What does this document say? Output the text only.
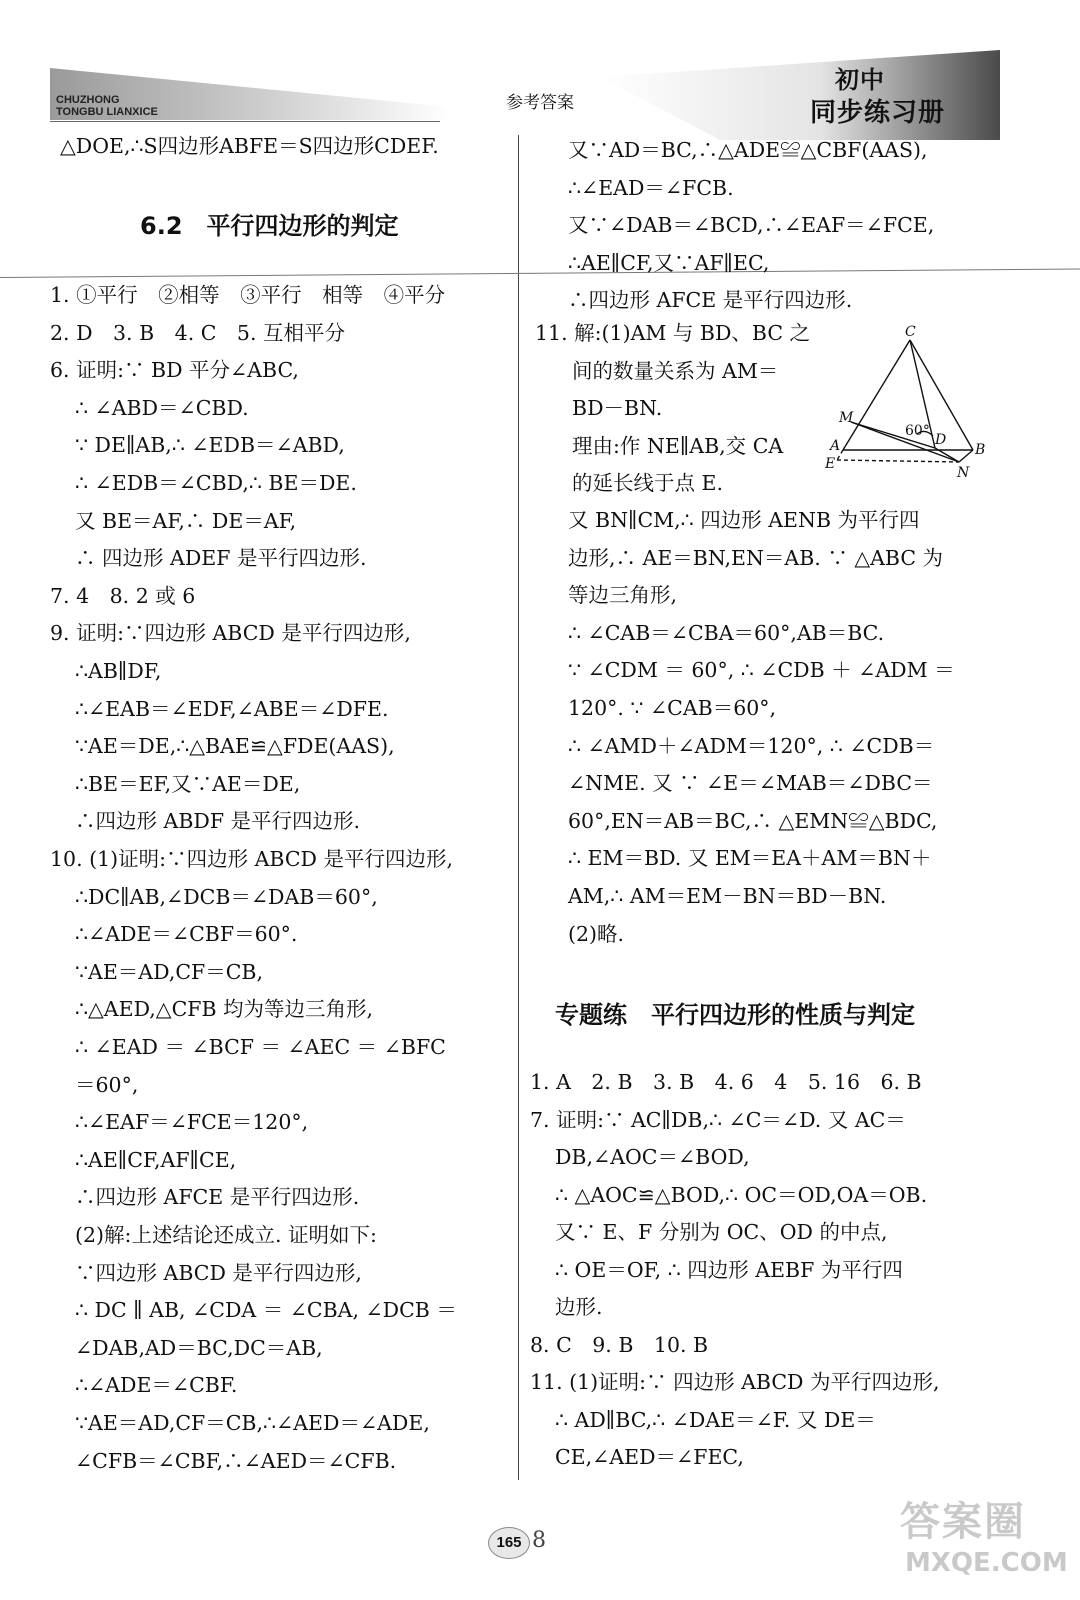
CHUZHONG
TONGBU LIANXICE	参考答案
初中
同步练习册
△DOE,∴S四边形ABFE＝S四边形CDEF.
6.2　平行四边形的判定
1. ①平行　②相等　③平行　相等　④平分
2. D　3. B　4. C　5. 互相平分
6. 证明:∵ BD 平分∠ABC,
∴ ∠ABD＝∠CBD.
∵ DE∥AB,∴ ∠EDB＝∠ABD,
∴ ∠EDB＝∠CBD,∴ BE＝DE.
又 BE＝AF,∴ DE＝AF,
∴ 四边形 ADEF 是平行四边形.
7. 4　8. 2 或 6
9. 证明:∵四边形 ABCD 是平行四边形,
∴AB∥DF,
∴∠EAB＝∠EDF,∠ABE＝∠DFE.
∵AE＝DE,∴△BAE≌△FDE(AAS),
∴BE＝EF,又∵AE＝DE,
∴四边形 ABDF 是平行四边形.
10. (1)证明:∵四边形 ABCD 是平行四边形,
∴DC∥AB,∠DCB＝∠DAB＝60°,
∴∠ADE＝∠CBF＝60°.
∵AE＝AD,CF＝CB,
∴△AED,△CFB 均为等边三角形,
∴ ∠EAD ＝ ∠BCF ＝ ∠AEC ＝ ∠BFC
＝60°,
∴∠EAF＝∠FCE＝120°,
∴AE∥CF,AF∥CE,
∴四边形 AFCE 是平行四边形.
(2)解:上述结论还成立. 证明如下:
∵四边形 ABCD 是平行四边形,
∴ DC ∥ AB, ∠CDA ＝ ∠CBA, ∠DCB ＝
∠DAB,AD＝BC,DC＝AB,
∴∠ADE＝∠CBF.
∵AE＝AD,CF＝CB,∴∠AED＝∠ADE,
∠CFB＝∠CBF,∴∠AED＝∠CFB.
又∵AD＝BC,∴△ADE≌△CBF(AAS),
∴∠EAD＝∠FCB.
又∵∠DAB＝∠BCD,∴∠EAF＝∠FCE,
∴AE∥CF,又∵AF∥EC,
∴四边形 AFCE 是平行四边形.
11. 解:(1)AM 与 BD、BC 之
间的数量关系为 AM＝
BD－BN.
理由:作 NE∥AB,交 CA
的延长线于点 E.
C
M
60°
D
A	B
E
N
又 BN∥CM,∴ 四边形 AENB 为平行四
边形,∴ AE＝BN,EN＝AB. ∵ △ABC 为
等边三角形,
∴ ∠CAB＝∠CBA＝60°,AB＝BC.
∵ ∠CDM ＝ 60°, ∴ ∠CDB ＋ ∠ADM ＝
120°. ∵ ∠CAB＝60°,
∴ ∠AMD＋∠ADM＝120°, ∴ ∠CDB＝
∠NME. 又 ∵ ∠E＝∠MAB＝∠DBC＝
60°,EN＝AB＝BC,∴ △EMN≌△BDC,
∴ EM＝BD. 又 EM＝EA＋AM＝BN＋
AM,∴ AM＝EM－BN＝BD－BN.
(2)略.
专题练　平行四边形的性质与判定
1. A　2. B　3. B　4. 6　4　5. 16　6. B
7. 证明:∵ AC∥DB,∴ ∠C＝∠D. 又 AC＝
DB,∠AOC＝∠BOD,
∴ △AOC≌△BOD,∴ OC＝OD,OA＝OB.
又∵ E、F 分别为 OC、OD 的中点,
∴ OE＝OF, ∴ 四边形 AEBF 为平行四
边形.
8. C　9. B　10. B
11. (1)证明:∵ 四边形 ABCD 为平行四边形,
∴ AD∥BC,∴ ∠DAE＝∠F. 又 DE＝
CE,∠AED＝∠FEC,
165 8	答案圈
MXQE.COM
